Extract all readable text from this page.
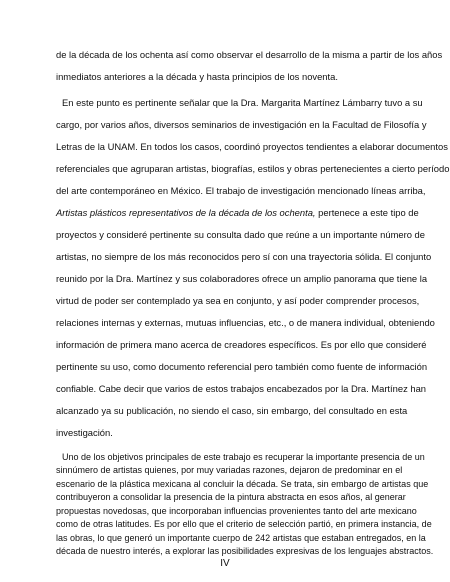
de la década de los ochenta así como observar el desarrollo de la misma a partir de los años
inmediatos anteriores a la década y hasta principios de los noventa.
En este punto es pertinente señalar que la Dra. Margarita Martínez Lámbarry tuvo a su
cargo, por varios años, diversos seminarios de investigación en la Facultad de Filosofía y
Letras de la UNAM. En todos los casos, coordinó proyectos tendientes a elaborar documentos
referenciales que agruparan artistas, biografías, estilos y obras pertenecientes a cierto período
del arte contemporáneo en México. El trabajo de investigación mencionado líneas arriba,
Artistas plásticos representativos de la década de los ochenta, pertenece a este tipo de
proyectos y consideré pertinente su consulta dado que reúne a un importante número de
artistas, no siempre de los más reconocidos pero sí con una trayectoria sólida. El conjunto
reunido por la Dra. Martínez y sus colaboradores ofrece un amplio panorama que tiene la
virtud de poder ser contemplado ya sea en conjunto, y así poder comprender procesos,
relaciones internas y externas, mutuas influencias, etc., o de manera individual, obteniendo
información de primera mano acerca de creadores específicos. Es por ello que consideré
pertinente su uso, como documento referencial pero también como fuente de información
confiable. Cabe decir que varios de estos trabajos encabezados por la Dra. Martínez han
alcanzado ya su publicación, no siendo el caso, sin embargo, del consultado en esta
investigación.
Uno de los objetivos principales de este trabajo es recuperar la importante presencia de un
sinnúmero de artistas quienes, por muy variadas razones, dejaron de predominar en el
escenario de la plástica mexicana al concluir la década. Se trata, sin embargo de artistas que
contribuyeron a consolidar la presencia de la pintura abstracta en esos años, al generar
propuestas novedosas, que incorporaban influencias provenientes tanto del arte mexicano
como de otras latitudes. Es por ello que el criterio de selección partió, en primera instancia, de
las obras, lo que generó un importante cuerpo de 242 artistas que estaban entregados, en la
década de nuestro interés, a explorar las posibilidades expresivas de los lenguajes abstractos.
IV
